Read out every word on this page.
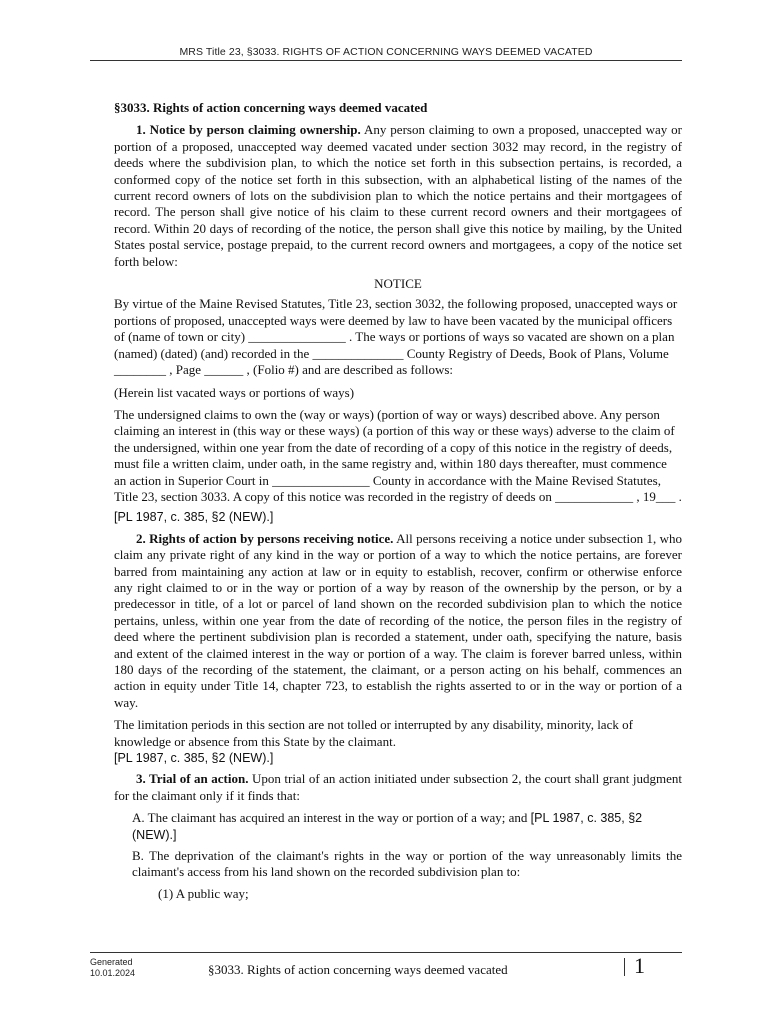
MRS Title 23, §3033. RIGHTS OF ACTION CONCERNING WAYS DEEMED VACATED

§3033. Rights of action concerning ways deemed vacated

1. Notice by person claiming ownership. Any person claiming to own a proposed, unaccepted way or portion of a proposed, unaccepted way deemed vacated under section 3032 may record, in the registry of deeds where the subdivision plan, to which the notice set forth in this subsection pertains, is recorded, a conformed copy of the notice set forth in this subsection, with an alphabetical listing of the names of the current record owners of lots on the subdivision plan to which the notice pertains and their mortgagees of record. The person shall give notice of his claim to these current record owners and their mortgagees of record. Within 20 days of recording of the notice, the person shall give this notice by mailing, by the United States postal service, postage prepaid, to the current record owners and mortgagees, a copy of the notice set forth below:

NOTICE

By virtue of the Maine Revised Statutes, Title 23, section 3032, the following proposed, unaccepted ways or portions of proposed, unaccepted ways were deemed by law to have been vacated by the municipal officers of (name of town or city) _______________ . The ways or portions of ways so vacated are shown on a plan (named) (dated) (and) recorded in the ______________ County Registry of Deeds, Book of Plans, Volume ________ , Page ______ , (Folio #) and are described as follows:

(Herein list vacated ways or portions of ways)

The undersigned claims to own the (way or ways) (portion of way or ways) described above. Any person claiming an interest in (this way or these ways) (a portion of this way or these ways) adverse to the claim of the undersigned, within one year from the date of recording of a copy of this notice in the registry of deeds, must file a written claim, under oath, in the same registry and, within 180 days thereafter, must commence an action in Superior Court in _______________ County in accordance with the Maine Revised Statutes, Title 23, section 3033. A copy of this notice was recorded in the registry of deeds on ____________ , 19___ .

[PL 1987, c. 385, §2 (NEW).]

2. Rights of action by persons receiving notice. All persons receiving a notice under subsection 1, who claim any private right of any kind in the way or portion of a way to which the notice pertains, are forever barred from maintaining any action at law or in equity to establish, recover, confirm or otherwise enforce any right claimed to or in the way or portion of a way by reason of the ownership by the person, or by a predecessor in title, of a lot or parcel of land shown on the recorded subdivision plan to which the notice pertains, unless, within one year from the date of recording of the notice, the person files in the registry of deed where the pertinent subdivision plan is recorded a statement, under oath, specifying the nature, basis and extent of the claimed interest in the way or portion of a way. The claim is forever barred unless, within 180 days of the recording of the statement, the claimant, or a person acting on his behalf, commences an action in equity under Title 14, chapter 723, to establish the rights asserted to or in the way or portion of a way.

The limitation periods in this section are not tolled or interrupted by any disability, minority, lack of knowledge or absence from this State by the claimant.

[PL 1987, c. 385, §2 (NEW).]

3. Trial of an action. Upon trial of an action initiated under subsection 2, the court shall grant judgment for the claimant only if it finds that:

A. The claimant has acquired an interest in the way or portion of a way; and [PL 1987, c. 385, §2 (NEW).]

B. The deprivation of the claimant's rights in the way or portion of the way unreasonably limits the claimant's access from his land shown on the recorded subdivision plan to:

(1) A public way;

Generated
10.01.2024	§3033. Rights of action concerning ways deemed vacated	1
